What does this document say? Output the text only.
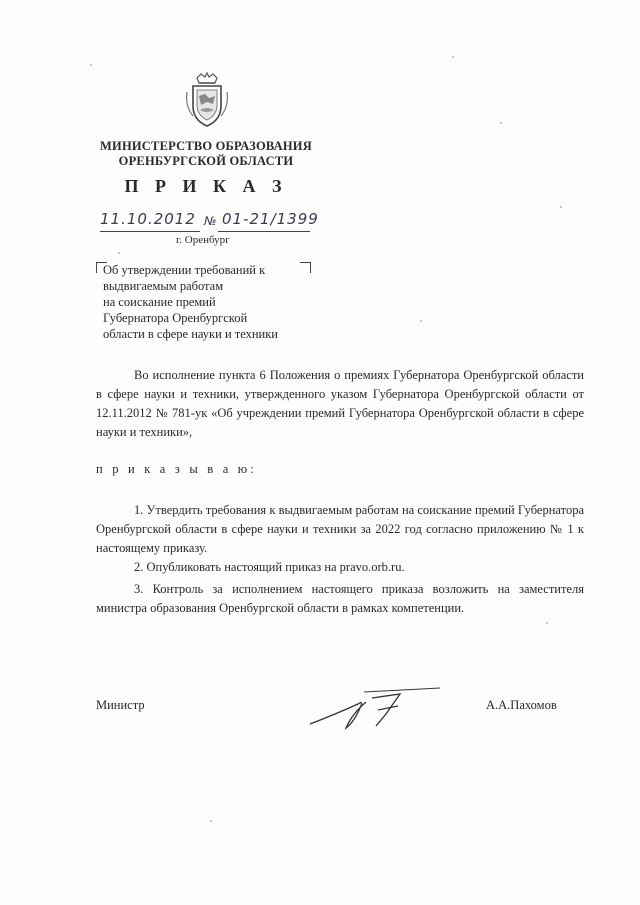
МИНИСТЕРСТВО ОБРАЗОВАНИЯ
ОРЕНБУРГСКОЙ ОБЛАСТИ
П Р И К А З
11.10.2012 № 01-21/1399
г. Оренбург
Об утверждении требований к
выдвигаемым работам
на соискание премий
Губернатора Оренбургской
области в сфере науки и техники
Во исполнение пункта 6 Положения о премиях Губернатора Оренбургской области в сфере науки и техники, утвержденного указом Губернатора Оренбургской области от 12.11.2012 № 781-ук «Об учреждении премий Губернатора Оренбургской области в сфере науки и техники»,
п р и к а з ы в а ю:
1. Утвердить требования к выдвигаемым работам на соискание премий Губернатора Оренбургской области в сфере науки и техники за 2022 год согласно приложению № 1 к настоящему приказу.
2. Опубликовать настоящий приказ на pravo.orb.ru.
3. Контроль за исполнением настоящего приказа возложить на заместителя министра образования Оренбургской области в рамках компетенции.
Министр	А.А.Пахомов
